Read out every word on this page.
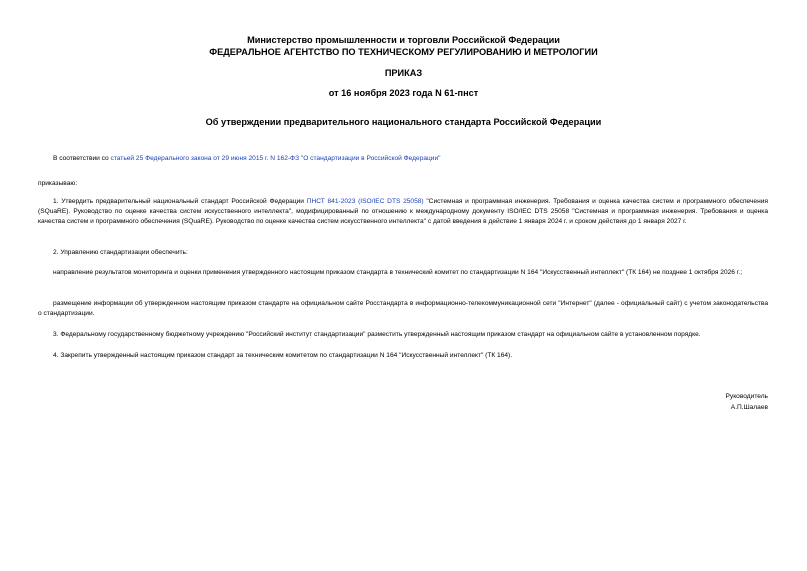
Министерство промышленности и торговли Российской Федерации
ФЕДЕРАЛЬНОЕ АГЕНТСТВО ПО ТЕХНИЧЕСКОМУ РЕГУЛИРОВАНИЮ И МЕТРОЛОГИИ
ПРИКАЗ
от 16 ноября 2023 года N 61-пнст
Об утверждении предварительного национального стандарта Российской Федерации
В соответствии со статьей 25 Федерального закона от 29 июня 2015 г. N 162-ФЗ "О стандартизации в Российской Федерации"
приказываю:
1. Утвердить предварительный национальный стандарт Российской Федерации ПНСТ 841-2023 (ISO/IEC DTS 25058) "Системная и программная инженерия. Требования и оценка качества систем и программного обеспечения (SQuaRE). Руководство по оценке качества систем искусственного интеллекта", модифицированный по отношению к международному документу ISO/IEC DTS 25058 "Системная и программная инженерия. Требования и оценка качества систем и программного обеспечения (SQuaRE). Руководство по оценке качества систем искусственного интеллекта" с датой введения в действие 1 января 2024 г. и сроком действия до 1 января 2027 г.
2. Управлению стандартизации обеспечить:
направление результатов мониторинга и оценки применения утвержденного настоящим приказом стандарта в технический комитет по стандартизации N 164 "Искусственный интеллект" (ТК 164) не позднее 1 октября 2026 г.;
размещение информации об утвержденном настоящим приказом стандарте на официальном сайте Росстандарта в информационно-телекоммуникационной сети "Интернет" (далее - официальный сайт) с учетом законодательства о стандартизации.
3. Федеральному государственному бюджетному учреждению "Российский институт стандартизации" разместить утвержденный настоящим приказом стандарт на официальном сайте в установленном порядке.
4. Закрепить утвержденный настоящим приказом стандарт за техническим комитетом по стандартизации N 164 "Искусственный интеллект" (ТК 164).
Руководитель
А.П.Шалаев
